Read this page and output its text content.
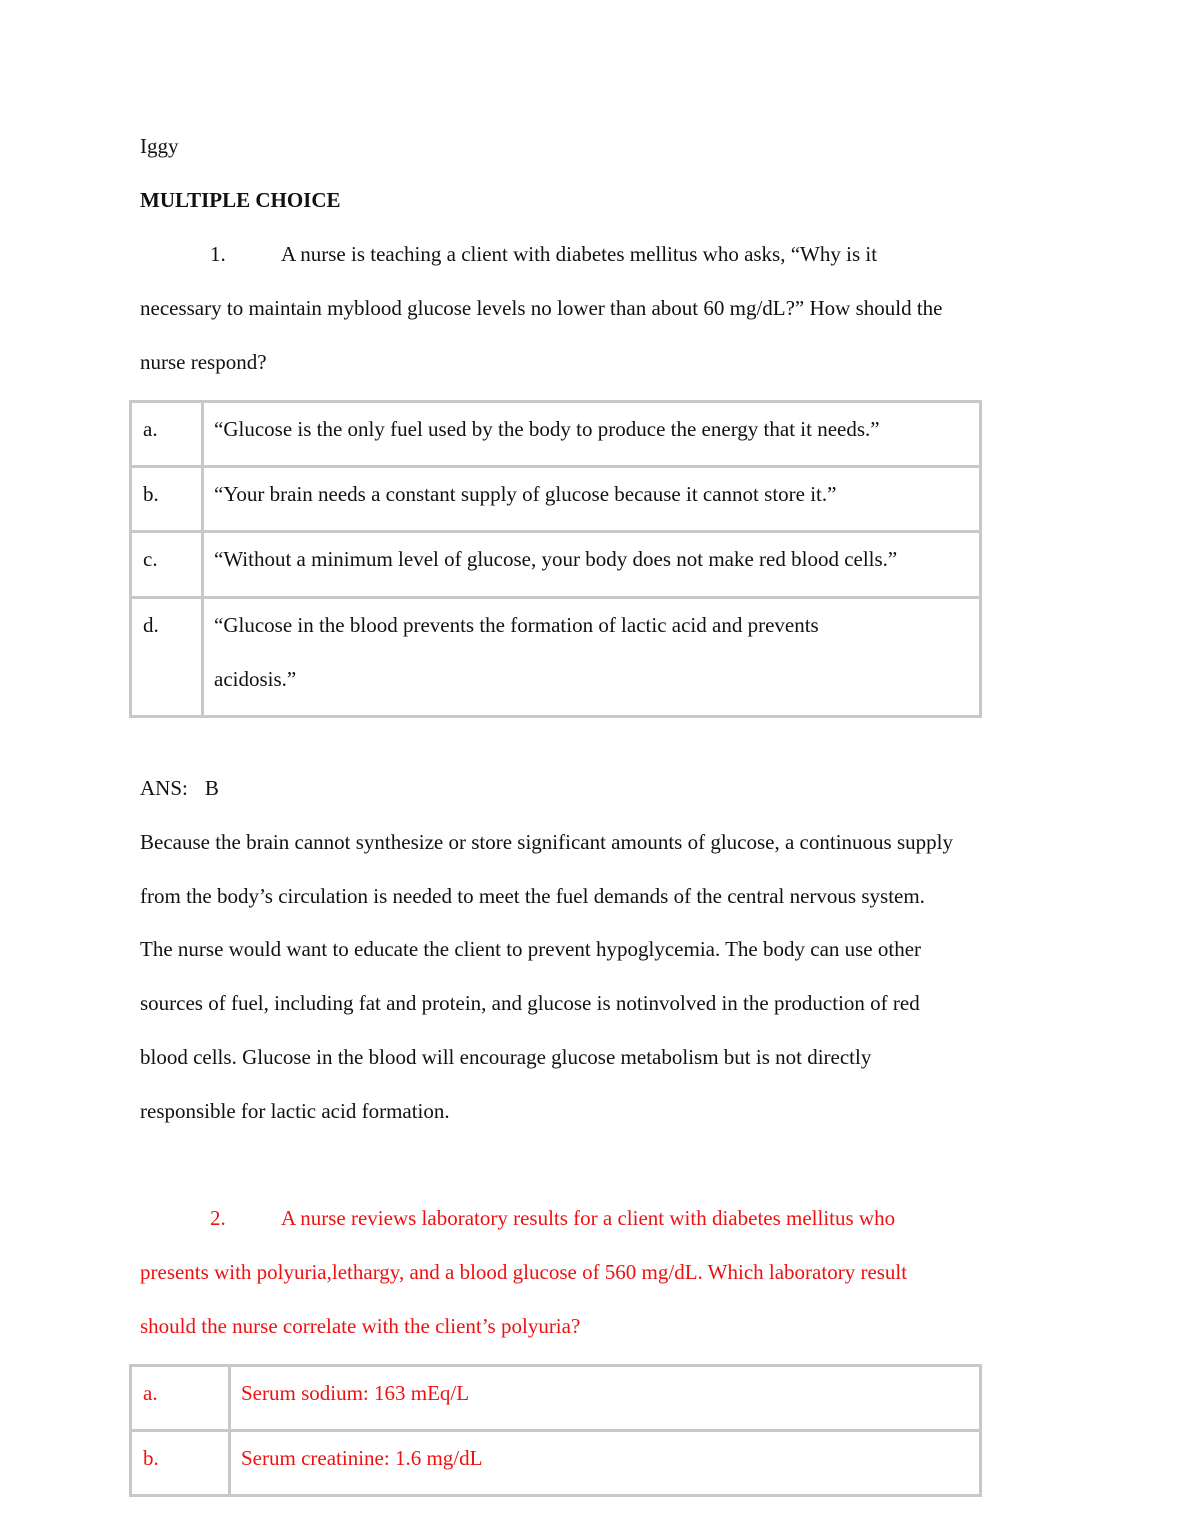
Iggy
MULTIPLE CHOICE
1.	A nurse is teaching a client with diabetes mellitus who asks, “Why is it
necessary to maintain myblood glucose levels no lower than about 60 mg/dL?” How should the
nurse respond?
a.	“Glucose is the only fuel used by the body to produce the energy that it needs.”
b.	“Your brain needs a constant supply of glucose because it cannot store it.”
c.	“Without a minimum level of glucose, your body does not make red blood cells.”
d.	“Glucose in the blood prevents the formation of lactic acid and prevents
acidosis.”
ANS: B

Because the brain cannot synthesize or store significant amounts of glucose, a continuous supply

from the body’s circulation is needed to meet the fuel demands of the central nervous system.

The nurse would want to educate the client to prevent hypoglycemia. The body can use other

sources of fuel, including fat and protein, and glucose is notinvolved in the production of red

blood cells. Glucose in the blood will encourage glucose metabolism but is not directly

responsible for lactic acid formation.

2.	A nurse reviews laboratory results for a client with diabetes mellitus who
presents with polyuria,lethargy, and a blood glucose of 560 mg/dL. Which laboratory result
should the nurse correlate with the client’s polyuria?
a.	Serum sodium: 163 mEq/L
b.	Serum creatinine: 1.6 mg/dL
